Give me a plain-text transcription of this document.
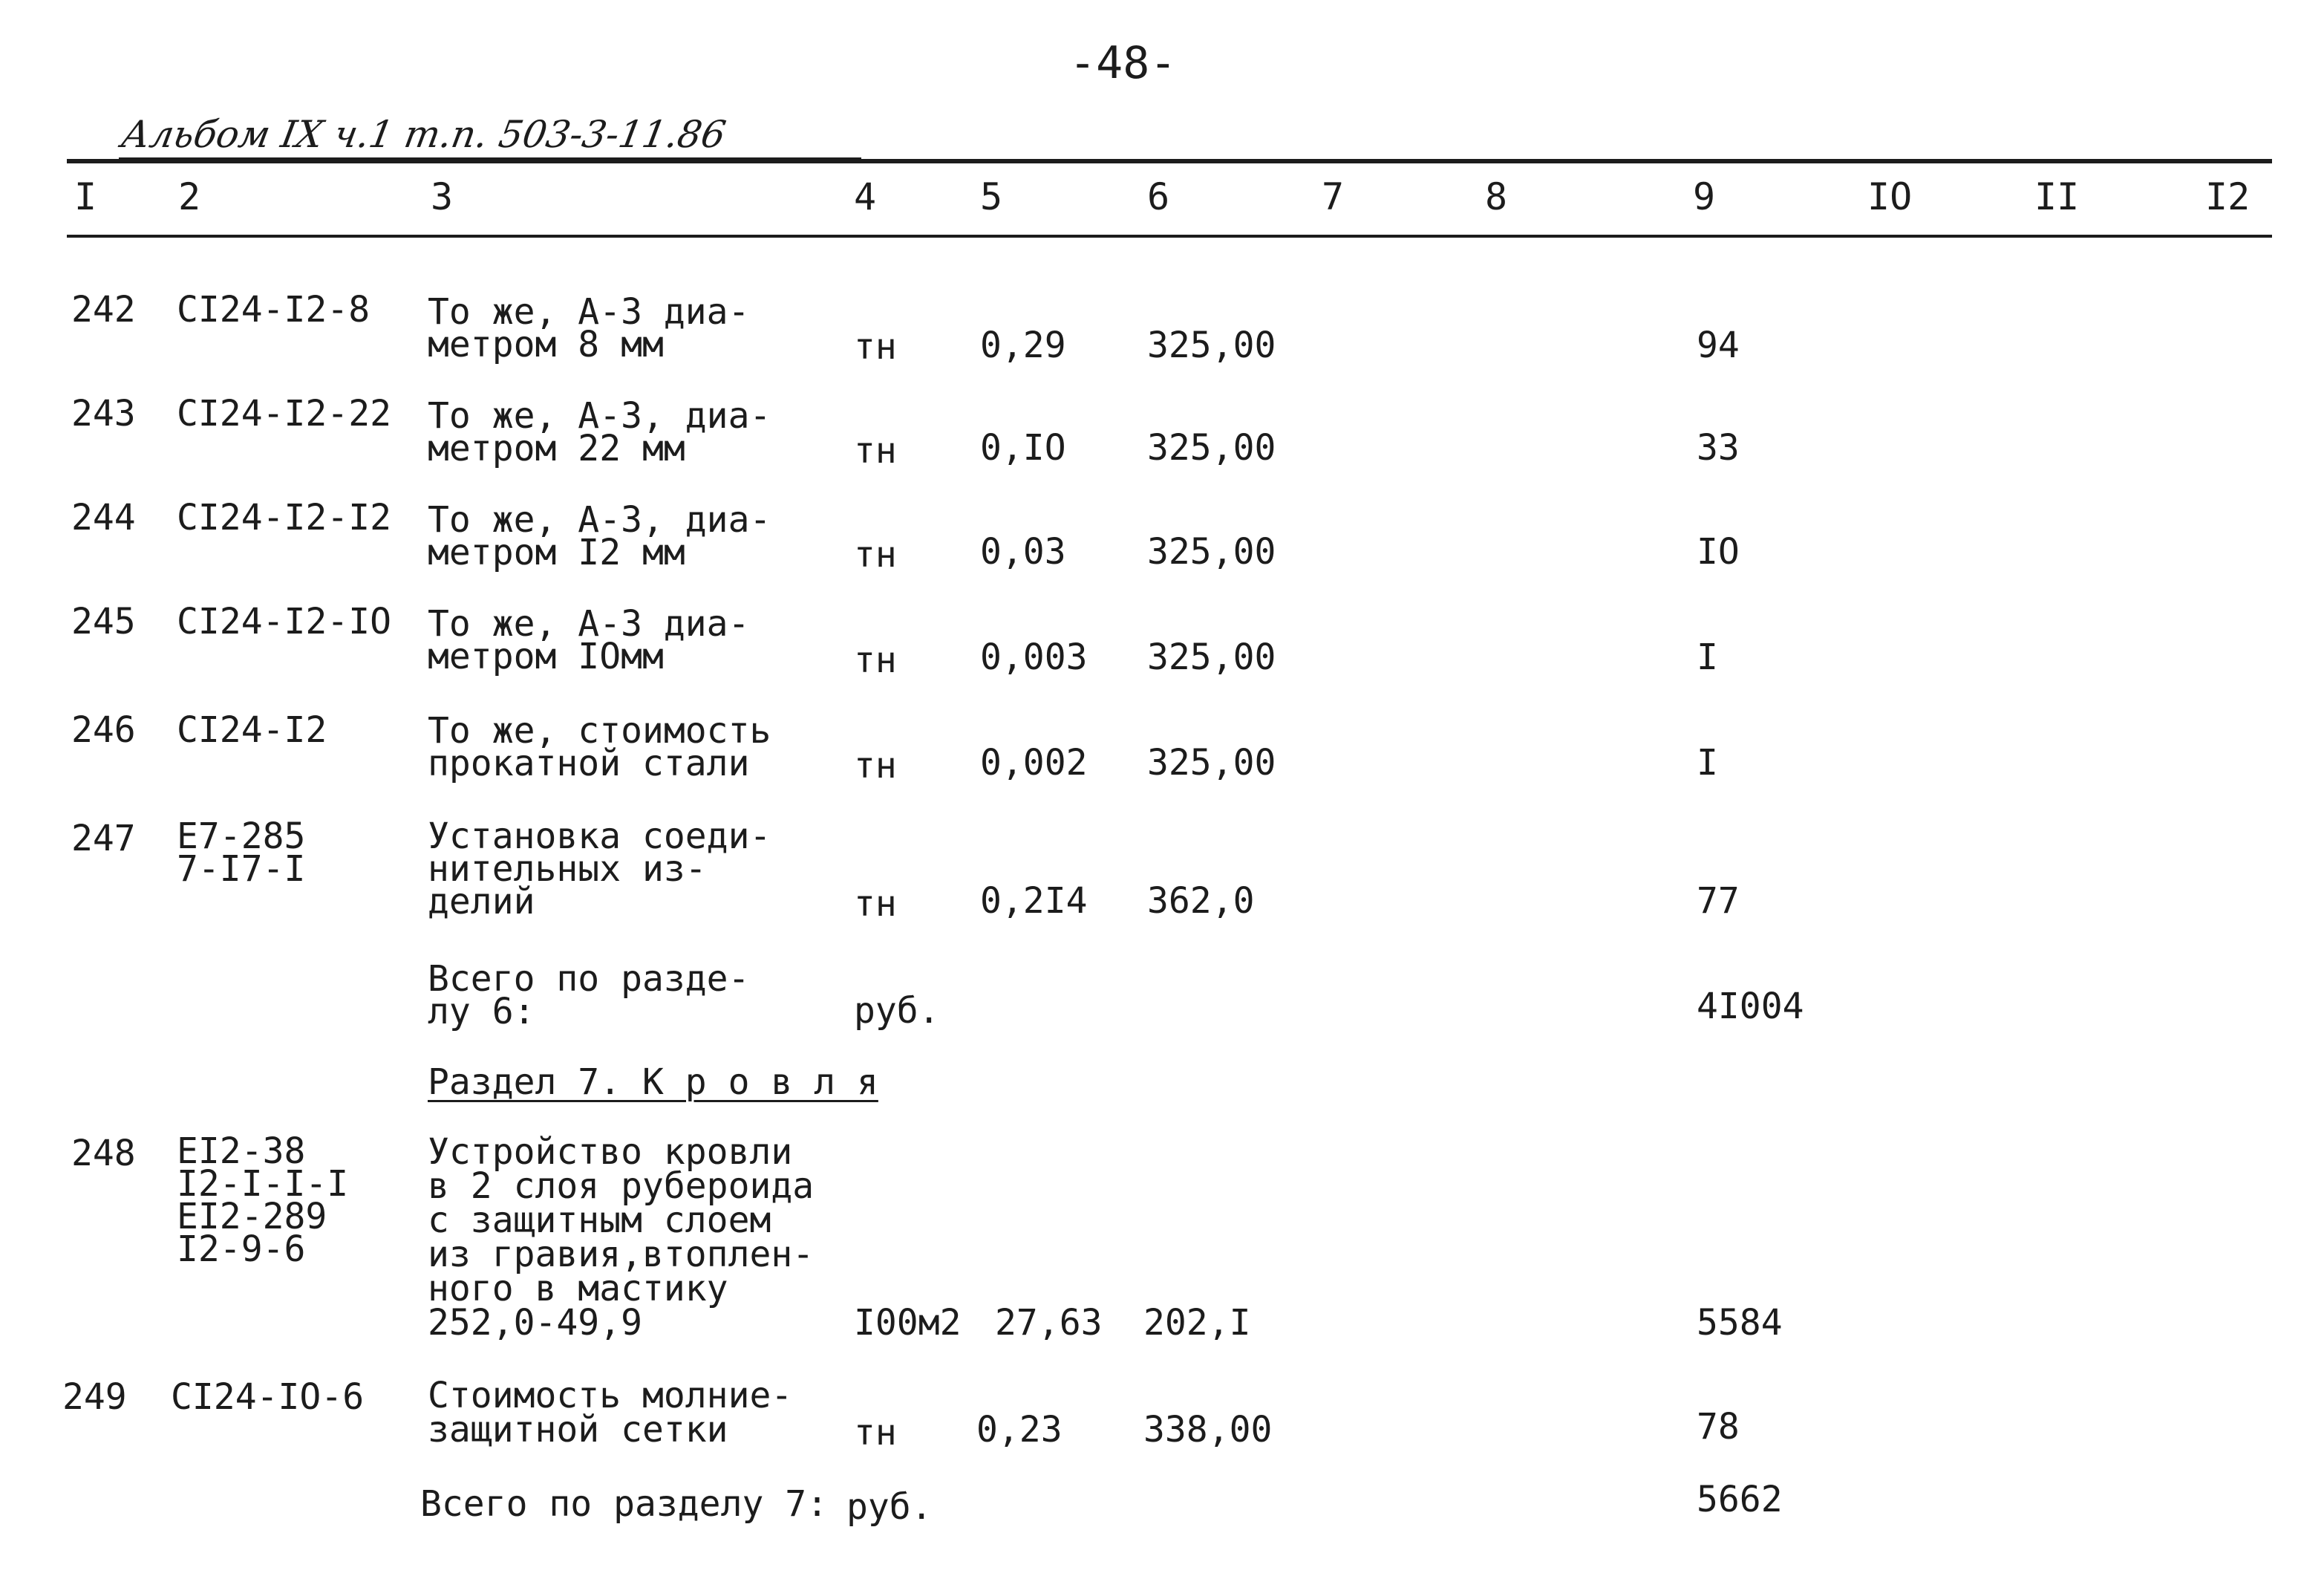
-48-
Альбом IX ч.1 т.п. 503-3-11.86
I 2	3	4	5	6	7	8	9	IO	II	I2
242 CI24-I2-8 То же, А-3 диа-
метром 8 мм	тн 0,29 325,00	94
243 CI24-I2-22 То же, А-3, диа-
метром 22 мм	тн 0,IO 325,00	33
244 CI24-I2-I2 То же, А-3, диа-
метром I2 мм	тн 0,03 325,00	IO
245 CI24-I2-IO То же, А-3 диа-
метром IOмм	тн 0,003 325,00	I
246 CI24-I2	То же, стоимость
прокатной стали	тн 0,002 325,00	I
247 E7-285
7-I7-I
Установка соеди-
нительных из-
делий	тн 0,2I4 362,0	77
Всего по разде-
лу 6:	руб.	4I004
Раздел 7. К р о в л я
248 EI2-38
I2-I-I-I
EI2-289
I2-9-6
Устройство кровли
в 2 слоя рубероида
с защитным слоем
из гравия,втоплен-
ного в мастику
252,0-49,9	I00м2 27,63 202,I	5584
249 CI24-IO-6 Стоимость молние-
защитной сетки	тн 0,23 338,00	78
Всего по разделу 7: руб.	5662
